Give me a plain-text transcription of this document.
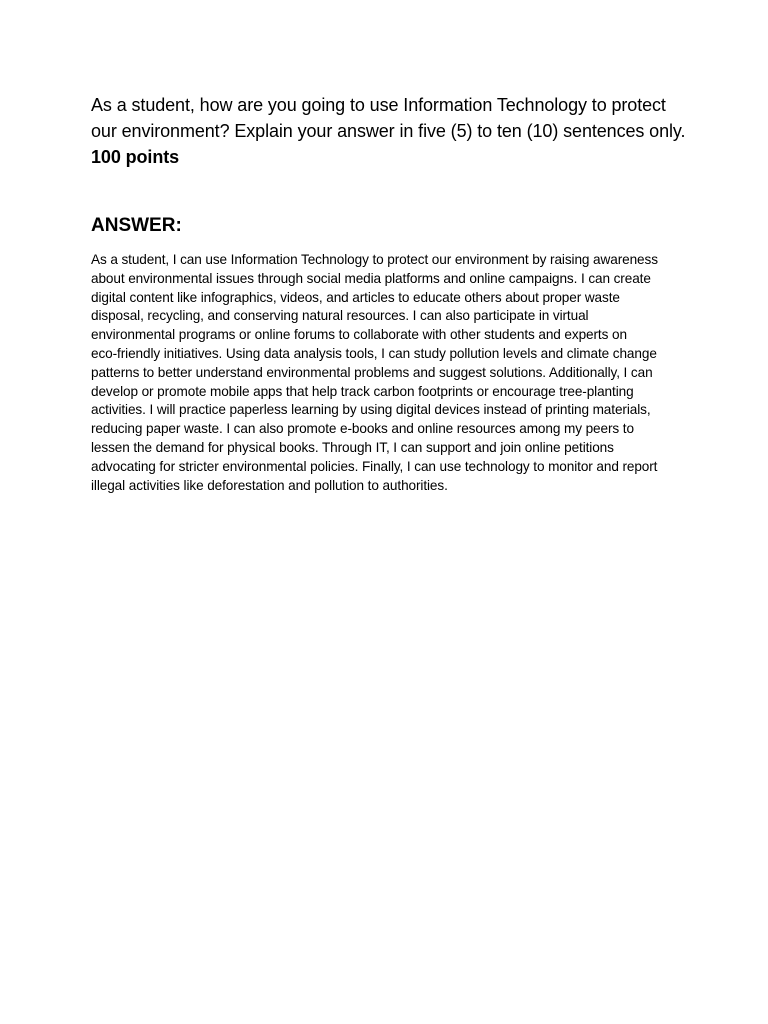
As a student, how are you going to use Information Technology to protect our environment? Explain your answer in five (5) to ten (10) sentences only. 100 points

ANSWER:

As a student, I can use Information Technology to protect our environment by raising awareness
about environmental issues through social media platforms and online campaigns. I can create
digital content like infographics, videos, and articles to educate others about proper waste
disposal, recycling, and conserving natural resources. I can also participate in virtual
environmental programs or online forums to collaborate with other students and experts on
eco-friendly initiatives. Using data analysis tools, I can study pollution levels and climate change
patterns to better understand environmental problems and suggest solutions. Additionally, I can
develop or promote mobile apps that help track carbon footprints or encourage tree-planting
activities. I will practice paperless learning by using digital devices instead of printing materials,
reducing paper waste. I can also promote e-books and online resources among my peers to
lessen the demand for physical books. Through IT, I can support and join online petitions
advocating for stricter environmental policies. Finally, I can use technology to monitor and report
illegal activities like deforestation and pollution to authorities.
